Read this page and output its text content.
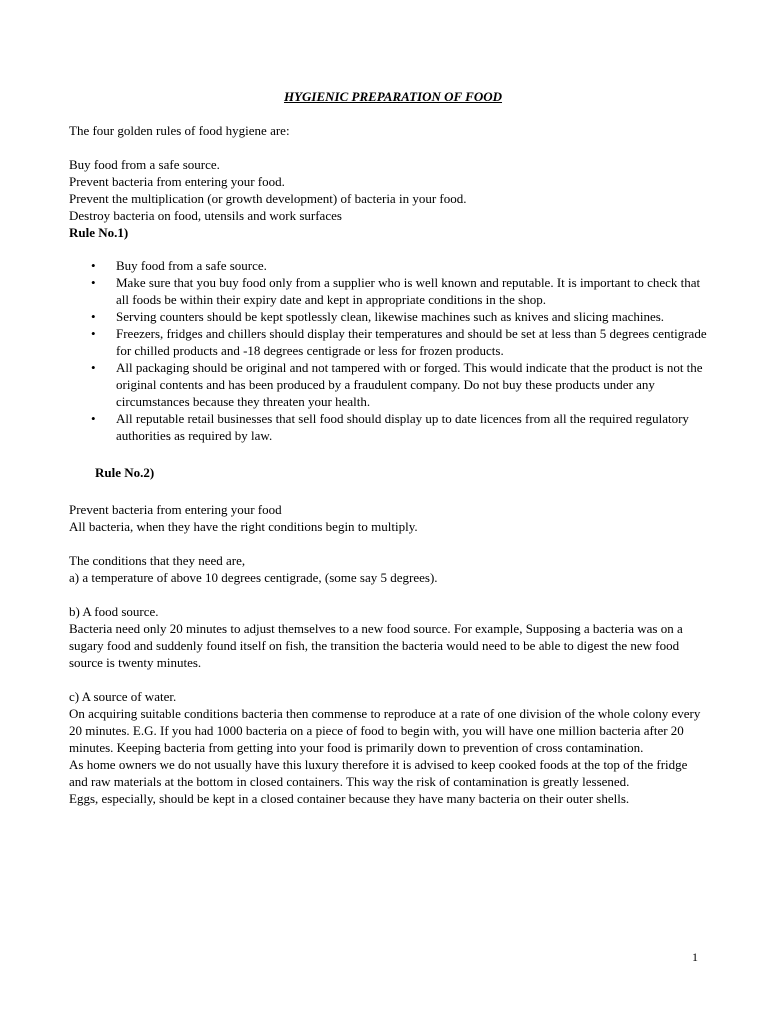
HYGIENIC PREPARATION OF FOOD

The four golden rules of food hygiene are:

Buy food from a safe source.

Prevent bacteria from entering your food.

Prevent the multiplication (or growth development) of bacteria in your food.

Destroy bacteria on food, utensils and work surfaces

Rule No.1)

• Buy food from a safe source.
• Make sure that you buy food only from a supplier who is well known and reputable. It is important to check that all foods be within their expiry date and kept in appropriate conditions in the shop.
• Serving counters should be kept spotlessly clean, likewise machines such as knives and slicing machines.
• Freezers, fridges and chillers should display their temperatures and should be set at less than 5 degrees centigrade for chilled products and -18 degrees centigrade or less for frozen products.
• All packaging should be original and not tampered with or forged. This would indicate that the product is not the original contents and has been produced by a fraudulent company. Do not buy these products under any circumstances because they threaten your health.
• All reputable retail businesses that sell food should display up to date licences from all the required regulatory authorities as required by law.

Rule No.2)

Prevent bacteria from entering your food

All bacteria, when they have the right conditions begin to multiply.

The conditions that they need are,

a) a temperature of above 10 degrees centigrade, (some say 5 degrees).

b) A food source.

Bacteria need only 20 minutes to adjust themselves to a new food source. For example, Supposing a bacteria was on a sugary food and suddenly found itself on fish, the transition the bacteria would need to be able to digest the new food source is twenty minutes.

c) A source of water.

On acquiring suitable conditions bacteria then commense to reproduce at a rate of one division of the whole colony every 20 minutes. E.G. If you had 1000 bacteria on a piece of food to begin with, you will have one million bacteria after 20 minutes. Keeping bacteria from getting into your food is primarily down to prevention of cross contamination.

As home owners we do not usually have this luxury therefore it is advised to keep cooked foods at the top of the fridge and raw materials at the bottom in closed containers. This way the risk of contamination is greatly lessened.

Eggs, especially, should be kept in a closed container because they have many bacteria on their outer shells.

1
